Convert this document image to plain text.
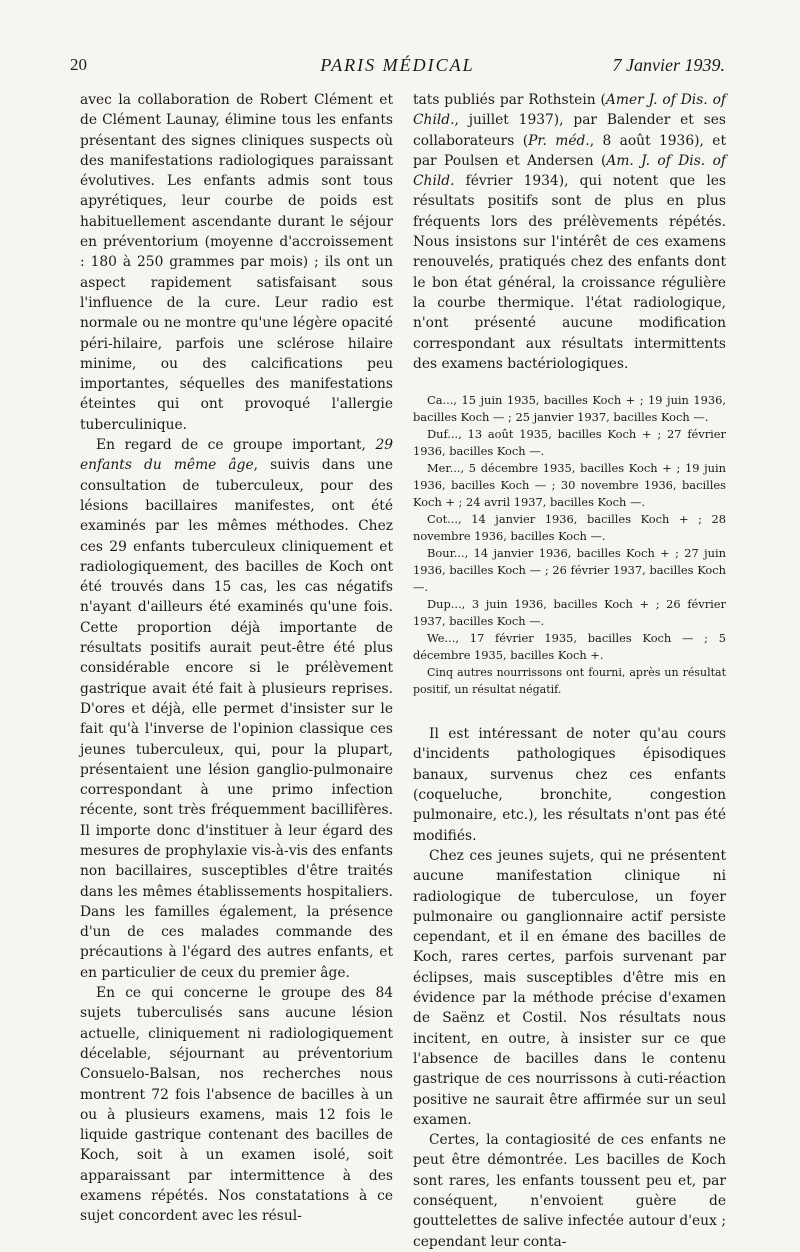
20	PARIS MÉDICAL	7 Janvier 1939.

avec la collaboration de Robert Clément et de Clément Launay, élimine tous les enfants présentant des signes cliniques suspects où des manifestations radiologiques paraissant évolutives. Les enfants admis sont tous apyrétiques, leur courbe de poids est habituellement ascendante durant le séjour en préventorium (moyenne d'accroissement : 180 à 250 grammes par mois) ; ils ont un aspect rapidement satisfaisant sous l'influence de la cure. Leur radio est normale ou ne montre qu'une légère opacité péri-hilaire, parfois une sclérose hilaire minime, ou des calcifications peu importantes, séquelles des manifestations éteintes qui ont provoqué l'allergie tuberculinique.

En regard de ce groupe important, 29 enfants du même âge, suivis dans une consultation de tuberculeux, pour des lésions bacillaires manifestes, ont été examinés par les mêmes méthodes. Chez ces 29 enfants tuberculeux cliniquement et radiologiquement, des bacilles de Koch ont été trouvés dans 15 cas, les cas négatifs n'ayant d'ailleurs été examinés qu'une fois. Cette proportion déjà importante de résultats positifs aurait peut-être été plus considérable encore si le prélèvement gastrique avait été fait à plusieurs reprises. D'ores et déjà, elle permet d'insister sur le fait qu'à l'inverse de l'opinion classique ces jeunes tuberculeux, qui, pour la plupart, présentaient une lésion ganglio-pulmonaire correspondant à une primo infection récente, sont très fréquemment bacillifères. Il importe donc d'instituer à leur égard des mesures de prophylaxie vis-à-vis des enfants non bacillaires, susceptibles d'être traités dans les mêmes établissements hospitaliers. Dans les familles également, la présence d'un de ces malades commande des précautions à l'égard des autres enfants, et en particulier de ceux du premier âge.

En ce qui concerne le groupe des 84 sujets tuberculisés sans aucune lésion actuelle, cliniquement ni radiologiquement décelable, séjournant au préventorium Consuelo-Balsan, nos recherches nous montrent 72 fois l'absence de bacilles à un ou à plusieurs examens, mais 12 fois le liquide gastrique contenant des bacilles de Koch, soit à un examen isolé, soit apparaissant par intermittence à des examens répétés. Nos constatations à ce sujet concordent avec les résul-

tats publiés par Rothstein (Amer J. of Dis. of Child., juillet 1937), par Balender et ses collaborateurs (Pr. méd., 8 août 1936), et par Poulsen et Andersen (Am. J. of Dis. of Child. février 1934), qui notent que les résultats positifs sont de plus en plus fréquents lors des prélèvements répétés. Nous insistons sur l'intérêt de ces examens renouvelés, pratiqués chez des enfants dont le bon état général, la croissance régulière la courbe thermique. l'état radiologique, n'ont présenté aucune modification correspondant aux résultats intermittents des examens bactériologiques.

Ca..., 15 juin 1935, bacilles Koch + ; 19 juin 1936, bacilles Koch — ; 25 janvier 1937, bacilles Koch —.

Duf..., 13 août 1935, bacilles Koch + ; 27 février 1936, bacilles Koch —.

Mer..., 5 décembre 1935, bacilles Koch + ; 19 juin 1936, bacilles Koch — ; 30 novembre 1936, bacilles Koch + ; 24 avril 1937, bacilles Koch —.

Cot..., 14 janvier 1936, bacilles Koch + ; 28 novembre 1936, bacilles Koch —.

Bour..., 14 janvier 1936, bacilles Koch + ; 27 juin 1936, bacilles Koch — ; 26 février 1937, bacilles Koch —.

Dup..., 3 juin 1936, bacilles Koch + ; 26 février 1937, bacilles Koch —.

We..., 17 février 1935, bacilles Koch — ; 5 décembre 1935, bacilles Koch +.

Cinq autres nourrissons ont fourni, après un résultat positif, un résultat négatif.

Il est intéressant de noter qu'au cours d'incidents pathologiques épisodiques banaux, survenus chez ces enfants (coqueluche, bronchite, congestion pulmonaire, etc.), les résultats n'ont pas été modifiés.

Chez ces jeunes sujets, qui ne présentent aucune manifestation clinique ni radiologique de tuberculose, un foyer pulmonaire ou ganglionnaire actif persiste cependant, et il en émane des bacilles de Koch, rares certes, parfois survenant par éclipses, mais susceptibles d'être mis en évidence par la méthode précise d'examen de Saënz et Costil. Nos résultats nous incitent, en outre, à insister sur ce que l'absence de bacilles dans le contenu gastrique de ces nourrissons à cuti-réaction positive ne saurait être affirmée sur un seul examen.

Certes, la contagiosité de ces enfants ne peut être démontrée. Les bacilles de Koch sont rares, les enfants toussent peu et, par conséquent, n'envoient guère de gouttelettes de salive infectée autour d'eux ; cependant leur conta-
